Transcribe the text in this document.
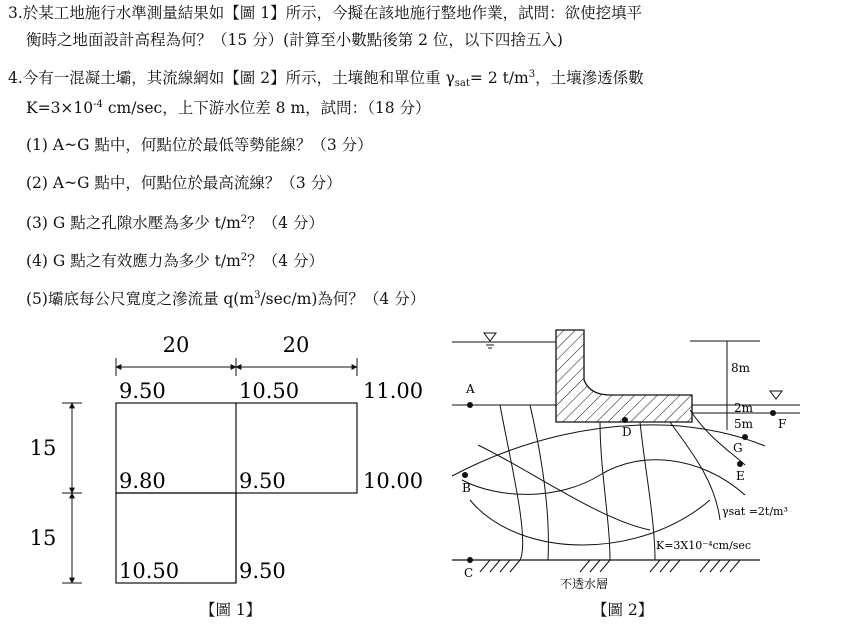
3.於某工地施行水準測量結果如【圖 1】所示，今擬在該地施行整地作業，試問：欲使挖填平
衡時之地面設計高程為何？（15 分）(計算至小數點後第 2 位，以下四捨五入)
4.今有一混凝土壩，其流線網如【圖 2】所示，土壤飽和單位重 $\gamma_{sat}= 2$ $t/m^3$，土壤滲透係數
$K=3\times 10^{-4}$ cm/sec，上下游水位差 8 m，試問：（18 分）
(1) A~G 點中，何點位於最低等勢能線？（3 分）
(2) A~G 點中，何點位於最高流線？（3 分）
(3) G 點之孔隙水壓為多少 $t/m^2$？（4 分）
(4) G 點之有效應力為多少 $t/m^2$？（4 分）
(5)壩底每公尺寬度之滲流量 $q(m^3/\sec/m)$為何？（4 分）
20	20
15
15
9.50	10.50	11.00
9.80	9.50	10.00
10.50	9.50
【圖 1】
8m
2m
5m
不透水層
A
B
C
D
E
F
G
γsat =2t/m³
K=3X10⁻⁴cm/sec
【圖 2】
